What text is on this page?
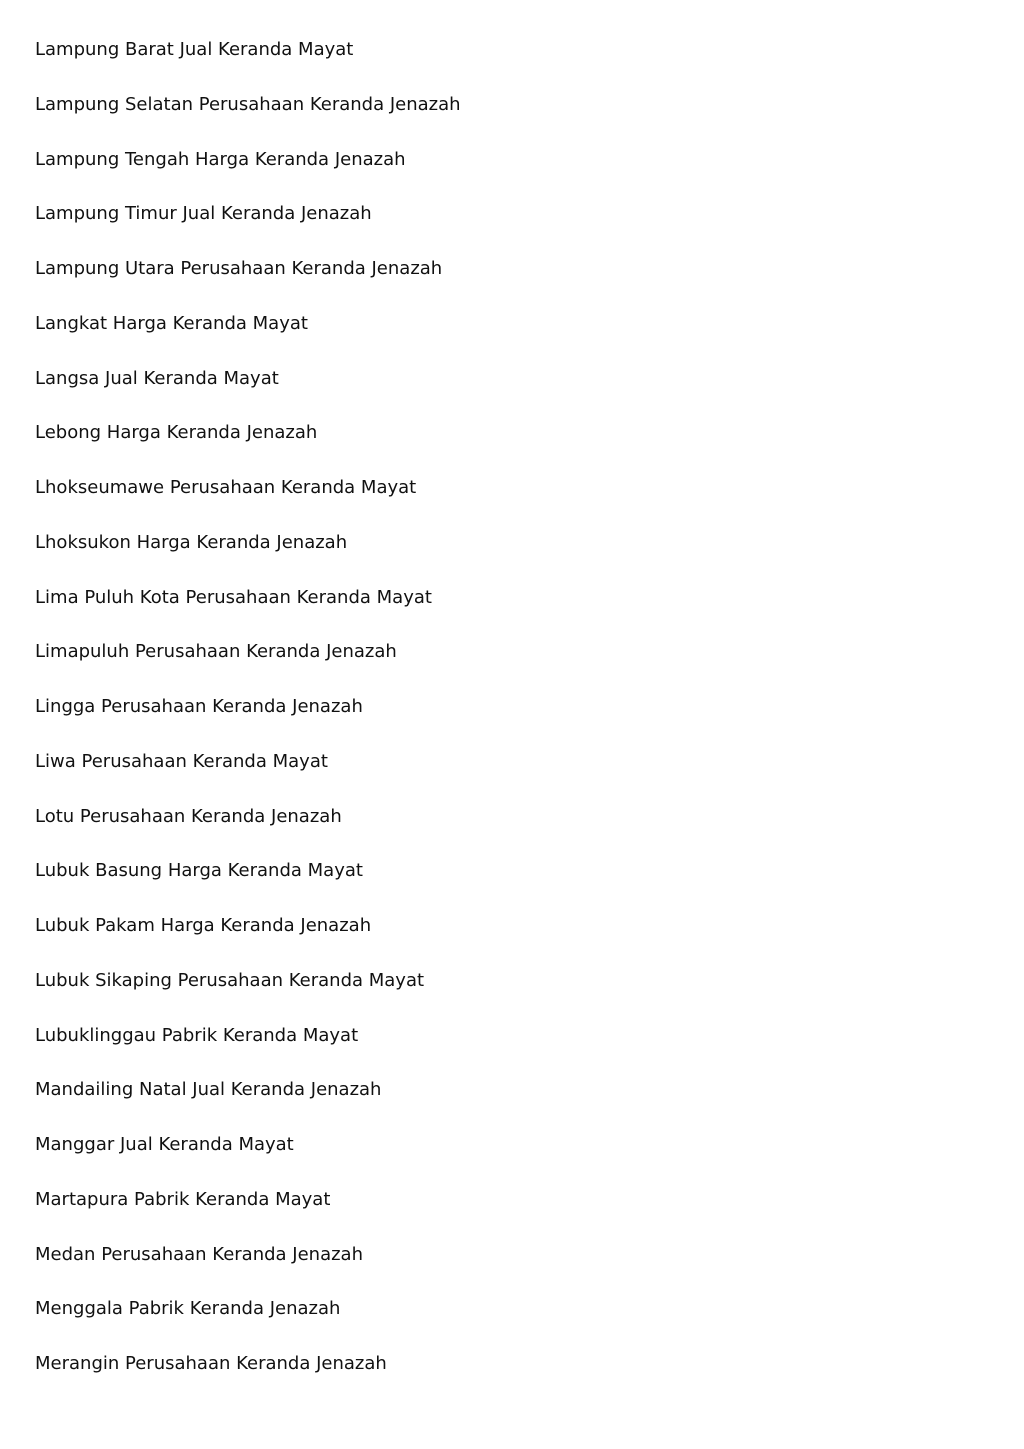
Lampung Barat Jual Keranda Mayat
Lampung Selatan Perusahaan Keranda Jenazah
Lampung Tengah Harga Keranda Jenazah
Lampung Timur Jual Keranda Jenazah
Lampung Utara Perusahaan Keranda Jenazah
Langkat Harga Keranda Mayat
Langsa Jual Keranda Mayat
Lebong Harga Keranda Jenazah
Lhokseumawe Perusahaan Keranda Mayat
Lhoksukon Harga Keranda Jenazah
Lima Puluh Kota Perusahaan Keranda Mayat
Limapuluh Perusahaan Keranda Jenazah
Lingga Perusahaan Keranda Jenazah
Liwa Perusahaan Keranda Mayat
Lotu Perusahaan Keranda Jenazah
Lubuk Basung Harga Keranda Mayat
Lubuk Pakam Harga Keranda Jenazah
Lubuk Sikaping Perusahaan Keranda Mayat
Lubuklinggau Pabrik Keranda Mayat
Mandailing Natal Jual Keranda Jenazah
Manggar Jual Keranda Mayat
Martapura Pabrik Keranda Mayat
Medan Perusahaan Keranda Jenazah
Menggala Pabrik Keranda Jenazah
Merangin Perusahaan Keranda Jenazah
